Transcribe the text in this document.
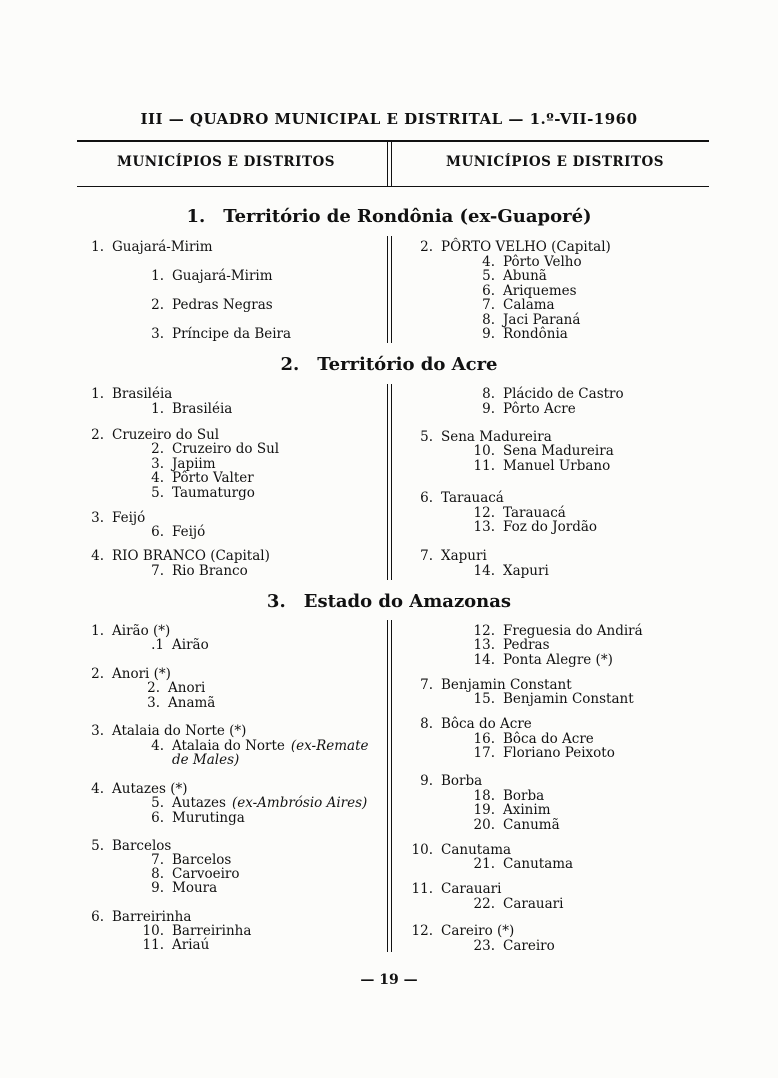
III — QUADRO MUNICIPAL E DISTRITAL — 1.º-VII-1960
MUNICÍPIOS E DISTRITOS	MUNICÍPIOS E DISTRITOS
1. Território de Rondônia (ex-Guaporé)
2. Território do Acre
3. Estado do Amazonas
1. Guajará-Mirim
1. Guajará-Mirim
2. Pedras Negras
3. Príncipe da Beira
1. Brasiléia
1. Brasiléia
2. Cruzeiro do Sul
2. Cruzeiro do Sul
3. Japiim
4. Pôrto Valter
5. Taumaturgo
3. Feijó
6. Feijó
4. RIO BRANCO (Capital)
7. Rio Branco
1. Airão (*)
.1 Airão
2. Anori (*)
2. Anori
3. Anamã
3. Atalaia do Norte (*)
4. Atalaia do Norte (ex-Remate
de Males)
4. Autazes (*)
5. Autazes (ex-Ambrósio Aires)
6. Murutinga
5. Barcelos
7. Barcelos
8. Carvoeiro
9. Moura
6. Barreirinha
10. Barreirinha
11. Ariaú
2. PÔRTO VELHO (Capital)
4. Pôrto Velho
5. Abunã
6. Ariquemes
7. Calama
8. Jaci Paraná
9. Rondônia
8. Plácido de Castro
9. Pôrto Acre
5. Sena Madureira
10. Sena Madureira
11. Manuel Urbano
6. Tarauacá
12. Tarauacá
13. Foz do Jordão
7. Xapuri
14. Xapuri
12. Freguesia do Andirá
13. Pedras
14. Ponta Alegre (*)
7. Benjamin Constant
15. Benjamin Constant
8. Bôca do Acre
16. Bôca do Acre
17. Floriano Peixoto
9. Borba
18. Borba
19. Axinim
20. Canumã
10. Canutama
21. Canutama
11. Carauari
22. Carauari
12. Careiro (*)
23. Careiro
— 19 —
